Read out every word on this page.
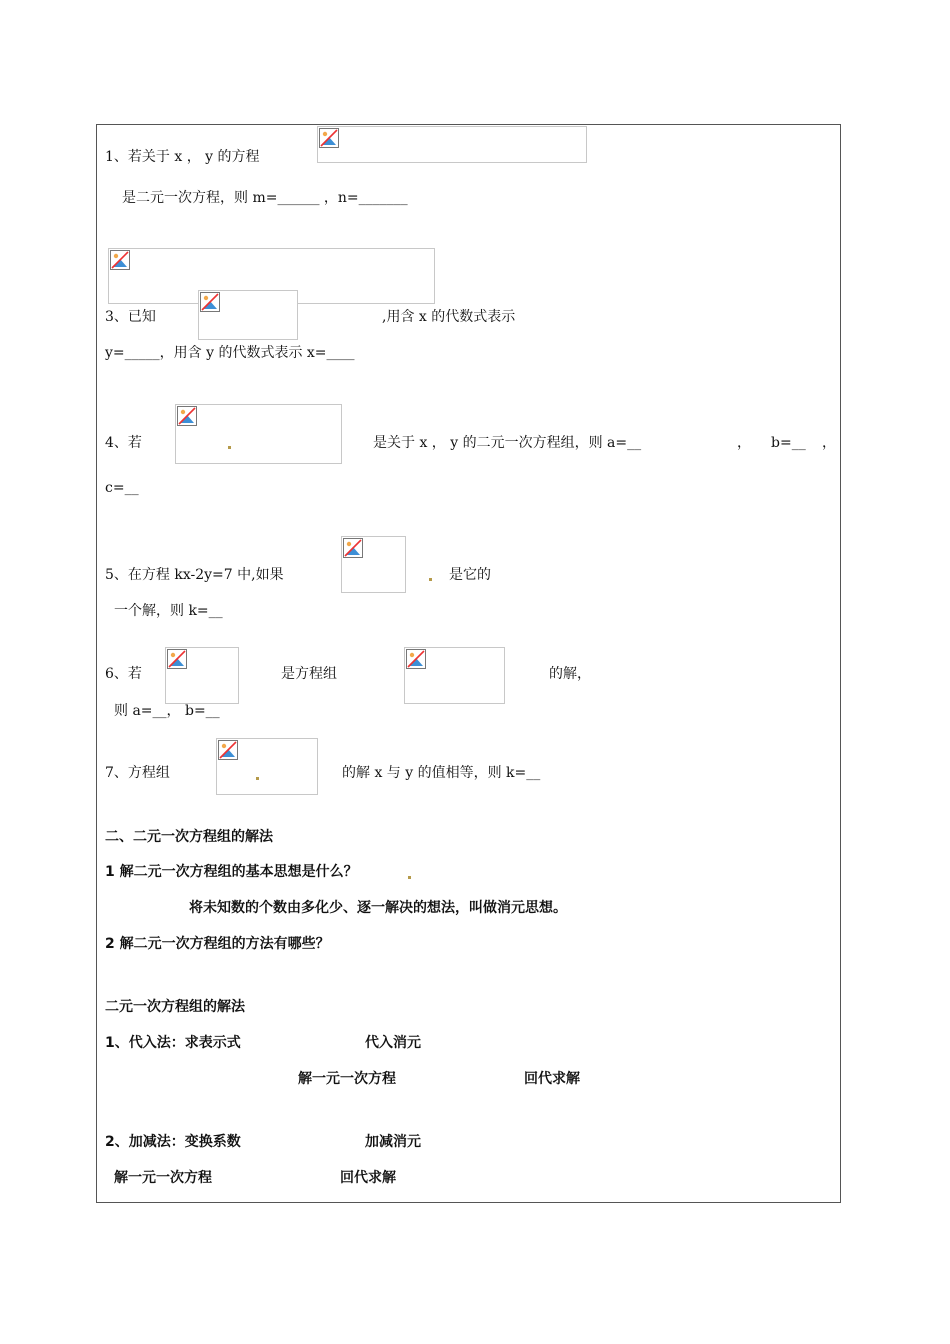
1、若关于 x ， y 的方程
是二元一次方程，则 m=______ ，n=_______
3、已知	,用含 x 的代数式表示
y=_____，用含 y 的代数式表示 x=____
4、若	是关于 x ， y 的二元一次方程组，则 a=__	， b=__ ，
c=__
5、在方程 kx-2y=7 中,如果	是它的
一个解，则 k=__
6、若	是方程组	的解，
则 a=__， b=__
7、方程组	的解 x 与 y 的值相等，则 k=__
二、二元一次方程组的解法
1 解二元一次方程组的基本思想是什么？
将未知数的个数由多化少、逐一解决的想法，叫做消元思想。
2 解二元一次方程组的方法有哪些？
二元一次方程组的解法
1、代入法：求表示式	代入消元
解一元一次方程	回代求解
2、加减法：变换系数	加减消元
解一元一次方程	回代求解
